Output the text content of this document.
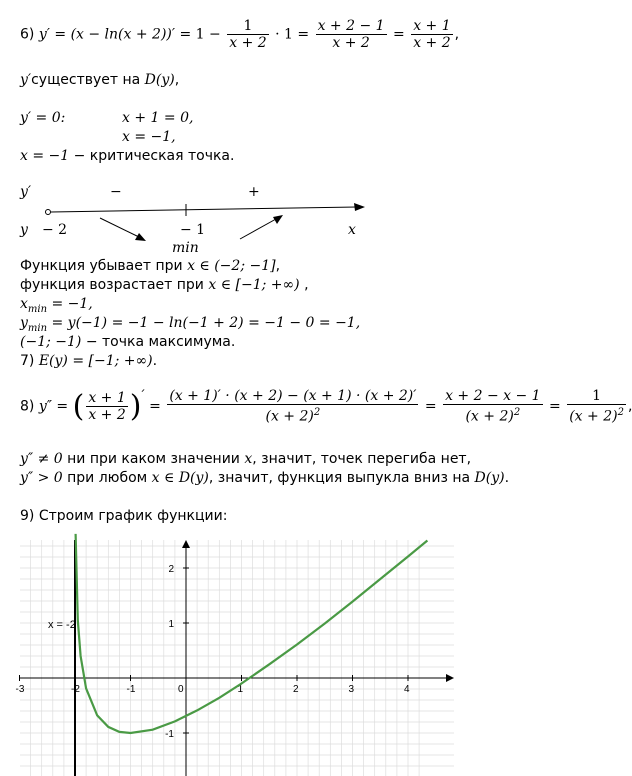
6) $y' = (x - \ln(x + 2))' = 1 - \frac{1}{x + 2} \cdot 1 = \frac{x + 2 - 1}{x + 2} = \frac{x + 1}{x + 2}$ ,
y′существует на D(y),
y′ = 0:	x + 1 = 0,
x = −1,
x = −1 − критическая точка.
y′	−	+
y − 2	− 1	x
min
Функция убывает при x ∈ (−2; −1],
функция возрастает при x ∈ [−1; +∞) ,
$x_{min} = -1$,
$y_{min} = y(-1) = -1 - \ln(-1 + 2) = -1 - 0 = -1$,
(−1; −1) − точка максимума.
7) E(y) = [−1; +∞).
8) y″ = ( $\frac{x + 1}{x + 2}$ )′ = $\frac{(x + 1)' \cdot (x + 2) - (x + 1) \cdot (x + 2)'}{(x + 2)^2} = \frac{x + 2 - x - 1}{(x + 2)^2} = \frac{1}{(x + 2)^2}$ ,
y″ ≠ 0 ни при каком значении x, значит, точек перегиба нет,
y″ > 0 при любом x ∈ D(y), значит, функция выпукла вниз на D(y).
9) Строим график функции:
-3	-2	-1	0	1	2	3	4
2
1
-1
x = -2
